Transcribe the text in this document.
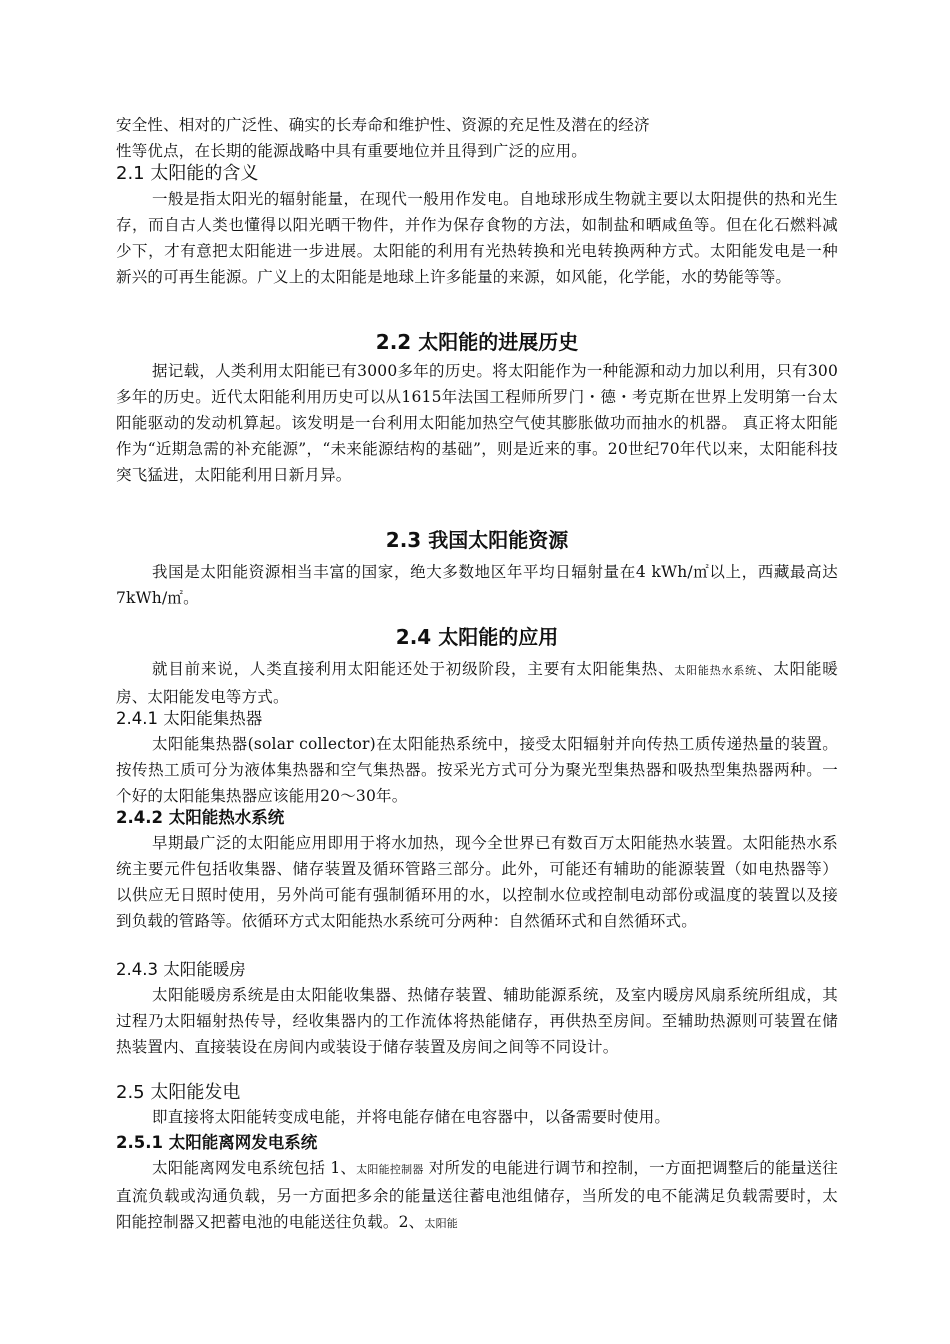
安全性、相对的广泛性、确实的长寿命和维护性、资源的充足性及潜在的经济
性等优点，在长期的能源战略中具有重要地位并且得到广泛的应用。
2.1 太阳能的含义
一般是指太阳光的辐射能量，在现代一般用作发电。自地球形成生物就主要以太阳提供的热和光生存，而自古人类也懂得以阳光晒干物件，并作为保存食物的方法，如制盐和晒咸鱼等。但在化石燃料减少下，才有意把太阳能进一步进展。太阳能的利用有光热转换和光电转换两种方式。太阳能发电是一种新兴的可再生能源。广义上的太阳能是地球上许多能量的来源，如风能，化学能，水的势能等等。
2.2 太阳能的进展历史
据记载，人类利用太阳能已有3000多年的历史。将太阳能作为一种能源和动力加以利用，只有300多年的历史。近代太阳能利用历史可以从1615年法国工程师所罗门・德・考克斯在世界上发明第一台太阳能驱动的发动机算起。该发明是一台利用太阳能加热空气使其膨胀做功而抽水的机器。 真正将太阳能作为“近期急需的补充能源”，“未来能源结构的基础”，则是近来的事。20世纪70年代以来，太阳能科技突飞猛进，太阳能利用日新月异。
2.3 我国太阳能资源
我国是太阳能资源相当丰富的国家，绝大多数地区年平均日辐射量在4 kWh/㎡以上，西藏最高达7kWh/㎡。
2.4 太阳能的应用
就目前来说，人类直接利用太阳能还处于初级阶段，主要有太阳能集热、太阳能热水系统、太阳能暖房、太阳能发电等方式。
2.4.1 太阳能集热器
太阳能集热器(solar collector)在太阳能热系统中，接受太阳辐射并向传热工质传递热量的装置。按传热工质可分为液体集热器和空气集热器。按采光方式可分为聚光型集热器和吸热型集热器两种。一个好的太阳能集热器应该能用20～30年。
2.4.2 太阳能热水系统
早期最广泛的太阳能应用即用于将水加热，现今全世界已有数百万太阳能热水装置。太阳能热水系统主要元件包括收集器、储存装置及循环管路三部分。此外，可能还有辅助的能源装置（如电热器等）以供应无日照时使用，另外尚可能有强制循环用的水，以控制水位或控制电动部份或温度的装置以及接到负载的管路等。依循环方式太阳能热水系统可分两种：自然循环式和自然循环式。
2.4.3 太阳能暖房
太阳能暖房系统是由太阳能收集器、热储存装置、辅助能源系统，及室内暖房风扇系统所组成，其过程乃太阳辐射热传导，经收集器内的工作流体将热能储存，再供热至房间。至辅助热源则可装置在储热装置内、直接装设在房间内或装设于储存装置及房间之间等不同设计。
2.5 太阳能发电
即直接将太阳能转变成电能，并将电能存储在电容器中，以备需要时使用。
2.5.1 太阳能离网发电系统
太阳能离网发电系统包括 1、太阳能控制器 对所发的电能进行调节和控制，一方面把调整后的能量送往直流负载或沟通负载，另一方面把多余的能量送往蓄电池组储存，当所发的电不能满足负载需要时，太阳能控制器又把蓄电池的电能送往负载。2、太阳能
